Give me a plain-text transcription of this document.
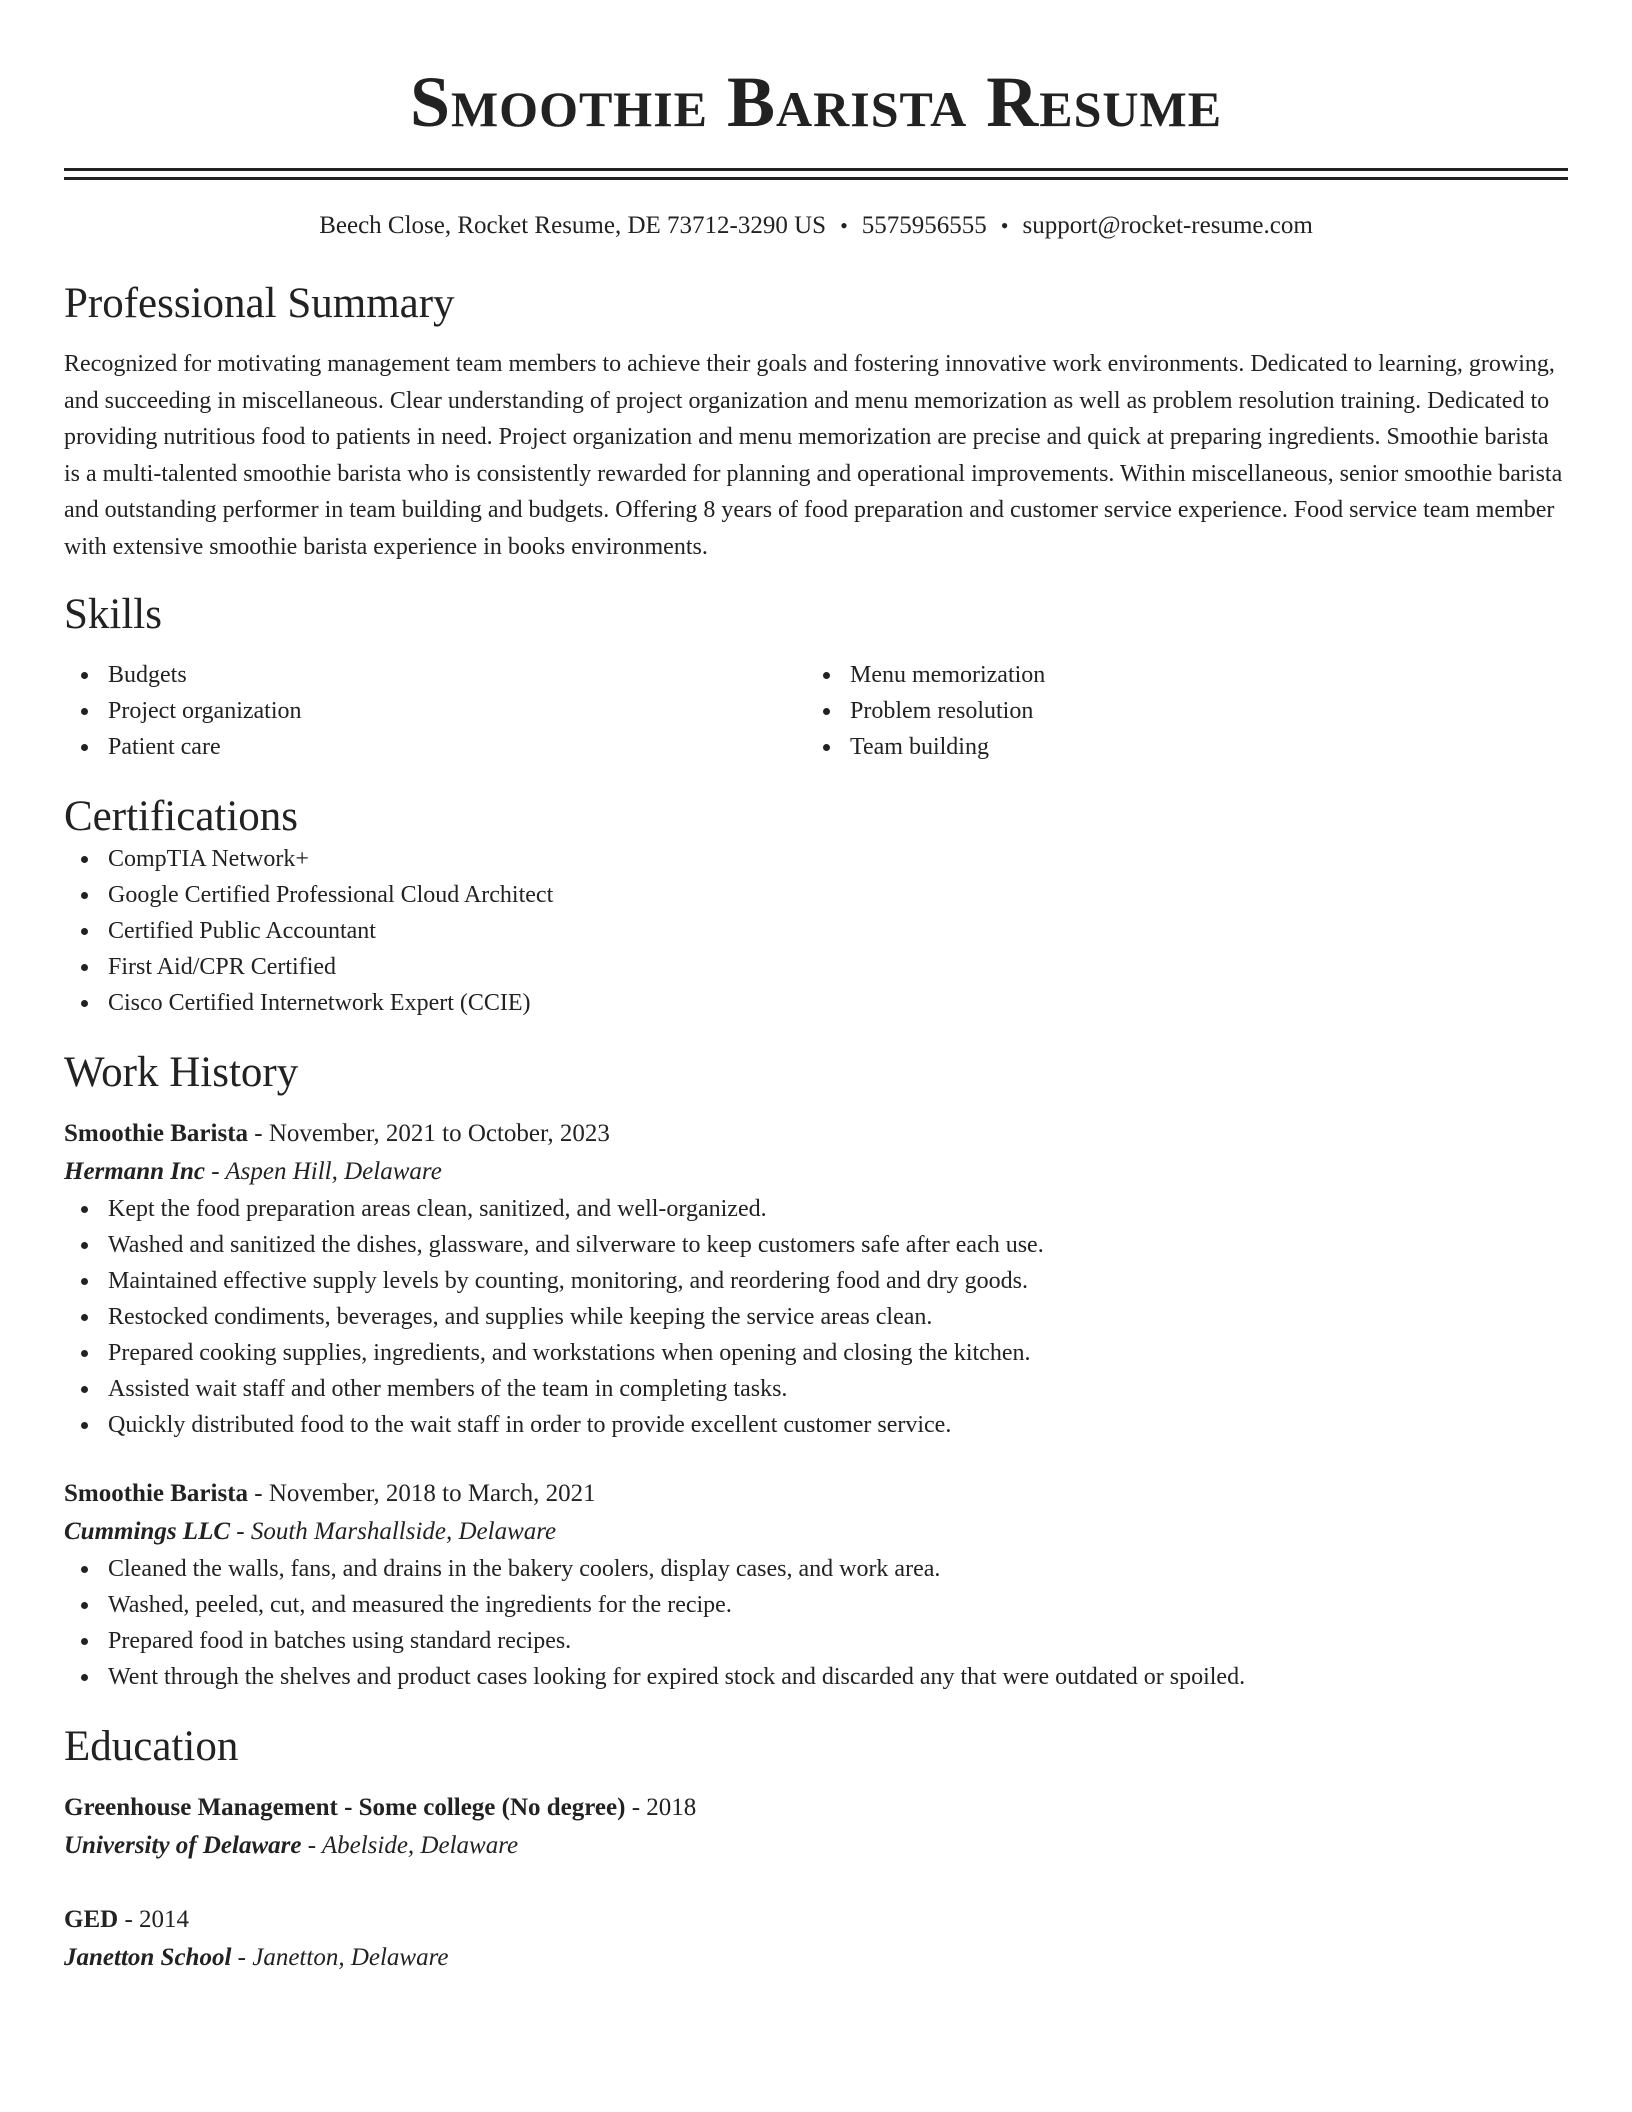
Smoothie Barista Resume
Beech Close, Rocket Resume, DE 73712-3290 US • 5575956555 • support@rocket-resume.com
Professional Summary

Recognized for motivating management team members to achieve their goals and fostering innovative work environments. Dedicated to learning, growing, and succeeding in miscellaneous. Clear understanding of project organization and menu memorization as well as problem resolution training. Dedicated to providing nutritious food to patients in need. Project organization and menu memorization are precise and quick at preparing ingredients. Smoothie barista is a multi-talented smoothie barista who is consistently rewarded for planning and operational improvements. Within miscellaneous, senior smoothie barista and outstanding performer in team building and budgets. Offering 8 years of food preparation and customer service experience. Food service team member with extensive smoothie barista experience in books environments.

Skills
Budgets
Project organization
Patient care
Menu memorization
Problem resolution
Team building
Certifications
CompTIA Network+
Google Certified Professional Cloud Architect
Certified Public Accountant
First Aid/CPR Certified
Cisco Certified Internetwork Expert (CCIE)
Work History
Smoothie Barista - November, 2021 to October, 2023
Hermann Inc - Aspen Hill, Delaware
Kept the food preparation areas clean, sanitized, and well-organized.
Washed and sanitized the dishes, glassware, and silverware to keep customers safe after each use.
Maintained effective supply levels by counting, monitoring, and reordering food and dry goods.
Restocked condiments, beverages, and supplies while keeping the service areas clean.
Prepared cooking supplies, ingredients, and workstations when opening and closing the kitchen.
Assisted wait staff and other members of the team in completing tasks.
Quickly distributed food to the wait staff in order to provide excellent customer service.
Smoothie Barista - November, 2018 to March, 2021
Cummings LLC - South Marshallside, Delaware
Cleaned the walls, fans, and drains in the bakery coolers, display cases, and work area.
Washed, peeled, cut, and measured the ingredients for the recipe.
Prepared food in batches using standard recipes.
Went through the shelves and product cases looking for expired stock and discarded any that were outdated or spoiled.
Education
Greenhouse Management - Some college (No degree) - 2018
University of Delaware - Abelside, Delaware
GED - 2014
Janetton School - Janetton, Delaware
